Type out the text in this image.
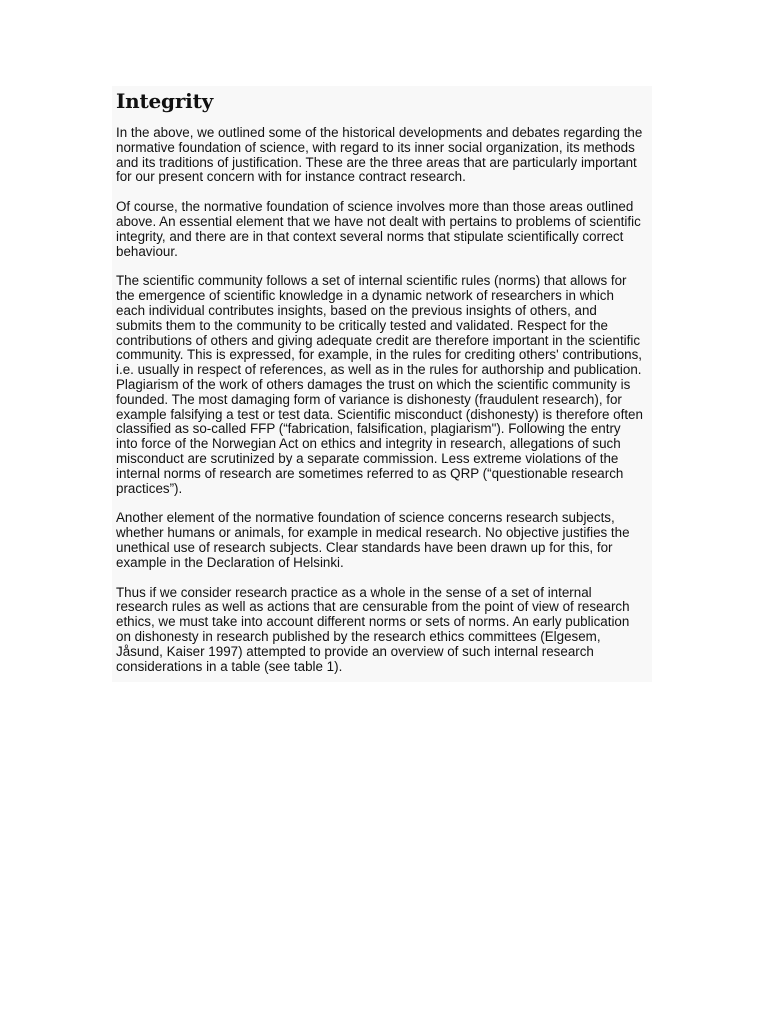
Integrity

In the above, we outlined some of the historical developments and debates regarding the
normative foundation of science, with regard to its inner social organization, its methods
and its traditions of justification. These are the three areas that are particularly important
for our present concern with for instance contract research.

Of course, the normative foundation of science involves more than those areas outlined
above. An essential element that we have not dealt with pertains to problems of scientific
integrity, and there are in that context several norms that stipulate scientifically correct
behaviour.

The scientific community follows a set of internal scientific rules (norms) that allows for
the emergence of scientific knowledge in a dynamic network of researchers in which
each individual contributes insights, based on the previous insights of others, and
submits them to the community to be critically tested and validated. Respect for the
contributions of others and giving adequate credit are therefore important in the scientific
community. This is expressed, for example, in the rules for crediting others' contributions,
i.e. usually in respect of references, as well as in the rules for authorship and publication.
Plagiarism of the work of others damages the trust on which the scientific community is
founded. The most damaging form of variance is dishonesty (fraudulent research), for
example falsifying a test or test data. Scientific misconduct (dishonesty) is therefore often
classified as so-called FFP (“fabrication, falsification, plagiarism"). Following the entry
into force of the Norwegian Act on ethics and integrity in research, allegations of such
misconduct are scrutinized by a separate commission. Less extreme violations of the
internal norms of research are sometimes referred to as QRP (“questionable research
practices”).

Another element of the normative foundation of science concerns research subjects,
whether humans or animals, for example in medical research. No objective justifies the
unethical use of research subjects. Clear standards have been drawn up for this, for
example in the Declaration of Helsinki.

Thus if we consider research practice as a whole in the sense of a set of internal
research rules as well as actions that are censurable from the point of view of research
ethics, we must take into account different norms or sets of norms. An early publication
on dishonesty in research published by the research ethics committees (Elgesem,
Jåsund, Kaiser 1997) attempted to provide an overview of such internal research
considerations in a table (see table 1).
